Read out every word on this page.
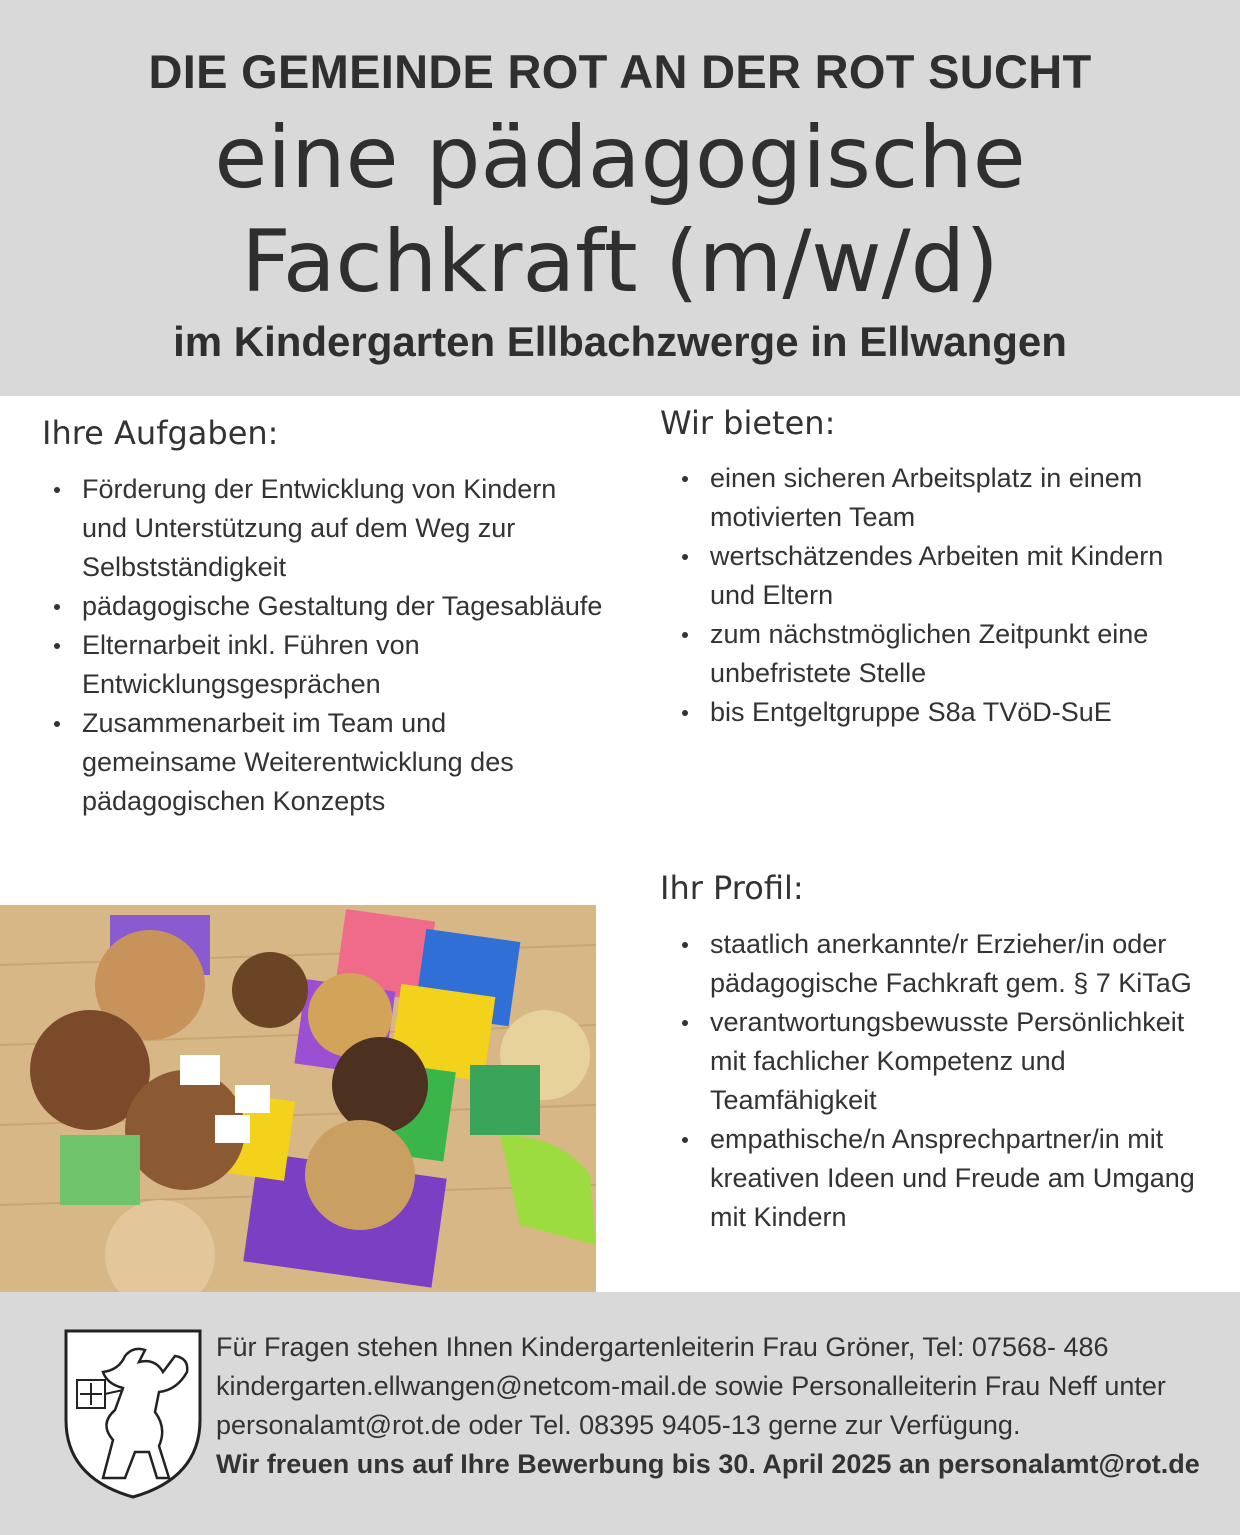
DIE GEMEINDE ROT AN DER ROT SUCHT
eine pädagogische
Fachkraft (m/w/d)
im Kindergarten Ellbachzwerge in Ellwangen
Ihre Aufgaben:
Förderung der Entwicklung von Kindern und Unterstützung auf dem Weg zur Selbstständigkeit
pädagogische Gestaltung der Tagesabläufe
Elternarbeit inkl. Führen von Entwicklungsgesprächen
Zusammenarbeit im Team und gemeinsame Weiterentwicklung des pädagogischen Konzepts
Wir bieten:
einen sicheren Arbeitsplatz in einem motivierten Team
wertschätzendes Arbeiten mit Kindern und Eltern
zum nächstmöglichen Zeitpunkt eine unbefristete Stelle
bis Entgeltgruppe S8a TVöD-SuE
Ihr Profil:
staatlich anerkannte/r Erzieher/in oder pädagogische Fachkraft gem. § 7 KiTaG
verantwortungsbewusste Persönlichkeit mit fachlicher Kompetenz und Teamfähigkeit
empathische/n Ansprechpartner/in mit kreativen Ideen und Freude am Umgang mit Kindern
Für Fragen stehen Ihnen Kindergartenleiterin Frau Gröner, Tel: 07568- 486 kindergarten.ellwangen@netcom-mail.de sowie Personalleiterin Frau Neff unter personalamt@rot.de oder Tel. 08395 9405-13 gerne zur Verfügung.
Wir freuen uns auf Ihre Bewerbung bis 30. April 2025 an personalamt@rot.de
